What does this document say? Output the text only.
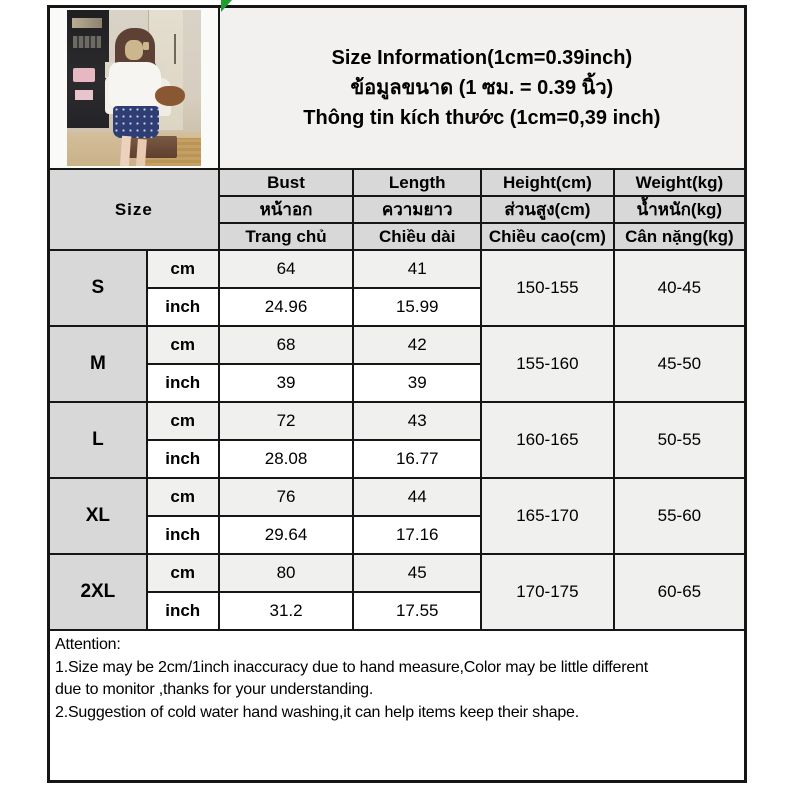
		Size Information(1cm=0.39inch)
ข้อมูลขนาด (1 ซม. = 0.39 นิ้ว)
Thông tin kích thước (1cm=0,39 inch)			

Size		Bust	Length	Height(cm)	Weight(kg)
		หน้าอก	ความยาว	ส่วนสูง(cm)	น้ำหนัก(kg)
		Trang chủ	Chiều dài	Chiều cao(cm)	Cân nặng(kg)
S	cm	64	41	150-155	40-45
	inch	24.96	15.99		
M	cm	68	42	155-160	45-50
	inch	39	39		
L	cm	72	43	160-165	50-55
	inch	28.08	16.77		
XL	cm	76	44	165-170	55-60
	inch	29.64	17.16		
2XL	cm	80	45	170-175	60-65
	inch	31.2	17.55		

Attention:
1.Size may be 2cm/1inch inaccuracy due to hand measure,Color may be little different
due to monitor ,thanks for your understanding.
2.Suggestion of cold water hand washing,it can help items keep their shape.					
